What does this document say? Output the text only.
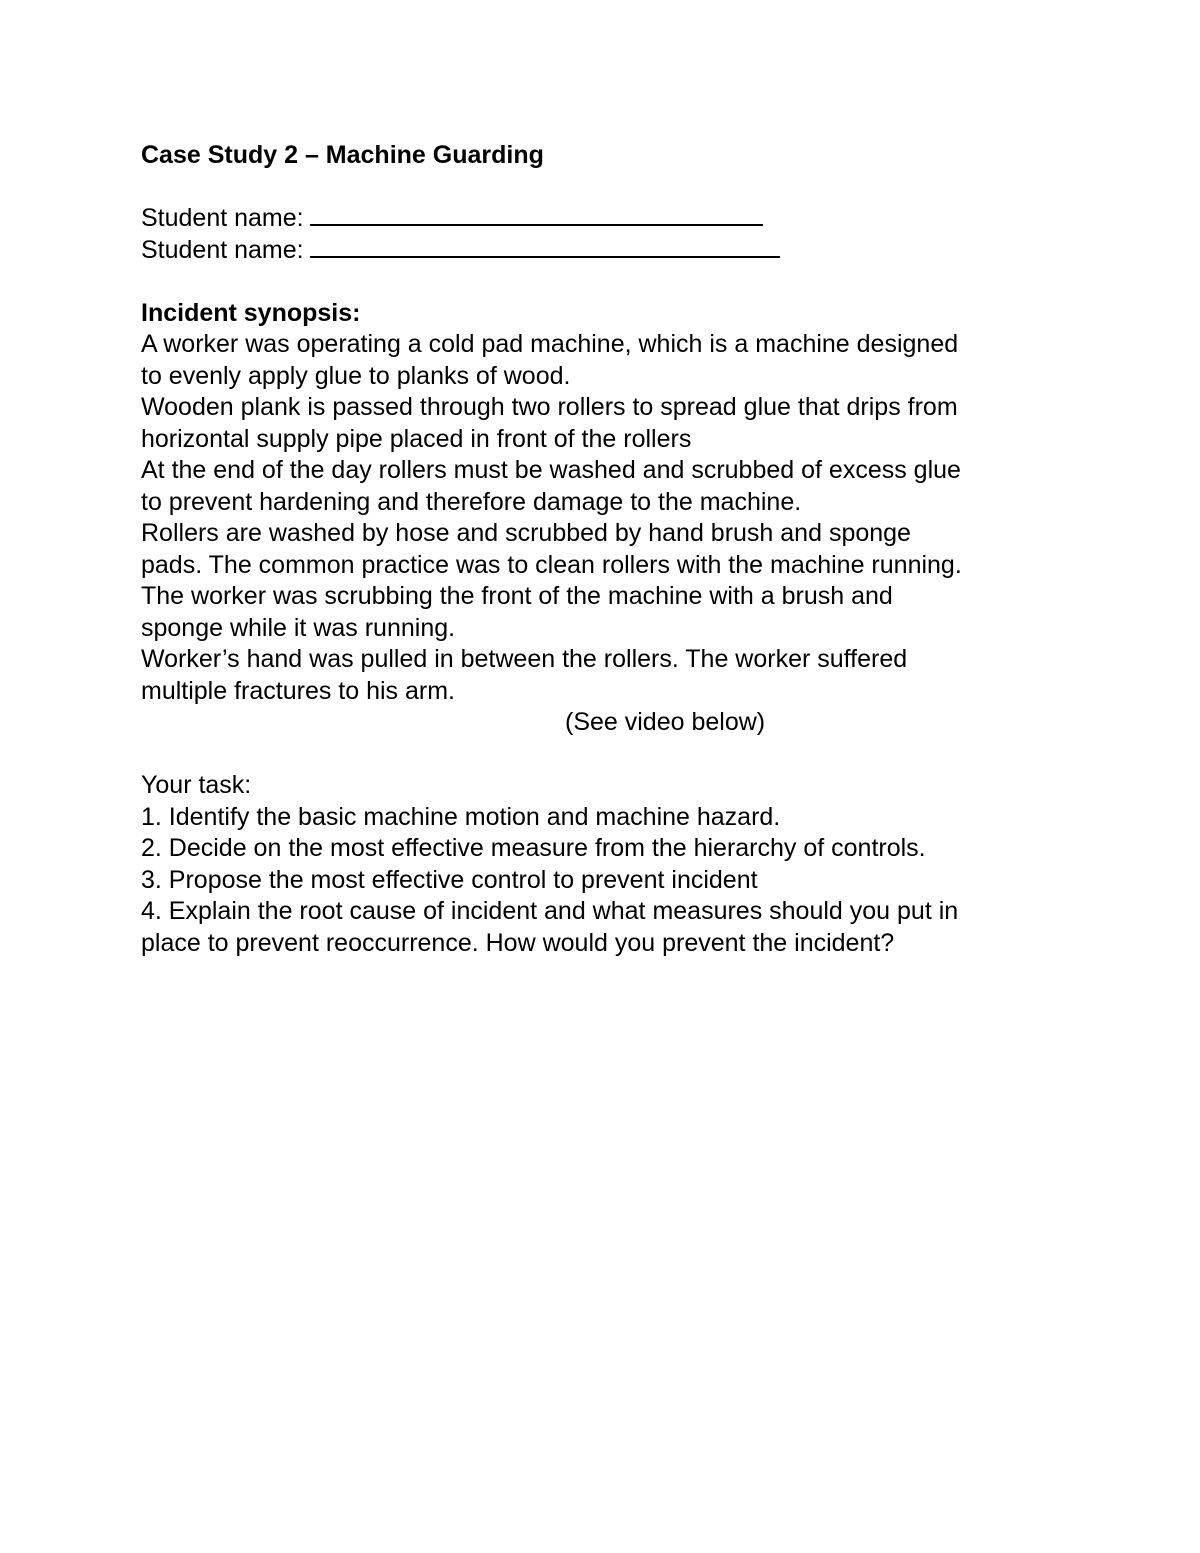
Case Study 2 – Machine Guarding

Student name:
Student name:

Incident synopsis:

A worker was operating a cold pad machine, which is a machine designed

to evenly apply glue to planks of wood.

Wooden plank is passed through two rollers to spread glue that drips from

horizontal supply pipe placed in front of the rollers

At the end of the day rollers must be washed and scrubbed of excess glue

to prevent hardening and therefore damage to the machine.

Rollers are washed by hose and scrubbed by hand brush and sponge

pads. The common practice was to clean rollers with the machine running.

The worker was scrubbing the front of the machine with a brush and

sponge while it was running.

Worker’s hand was pulled in between the rollers. The worker suffered

multiple fractures to his arm.

(See video below)

Your task:

1. Identify the basic machine motion and machine hazard.

2. Decide on the most effective measure from the hierarchy of controls.

3. Propose the most effective control to prevent incident

4. Explain the root cause of incident and what measures should you put in

place to prevent reoccurrence. How would you prevent the incident?
